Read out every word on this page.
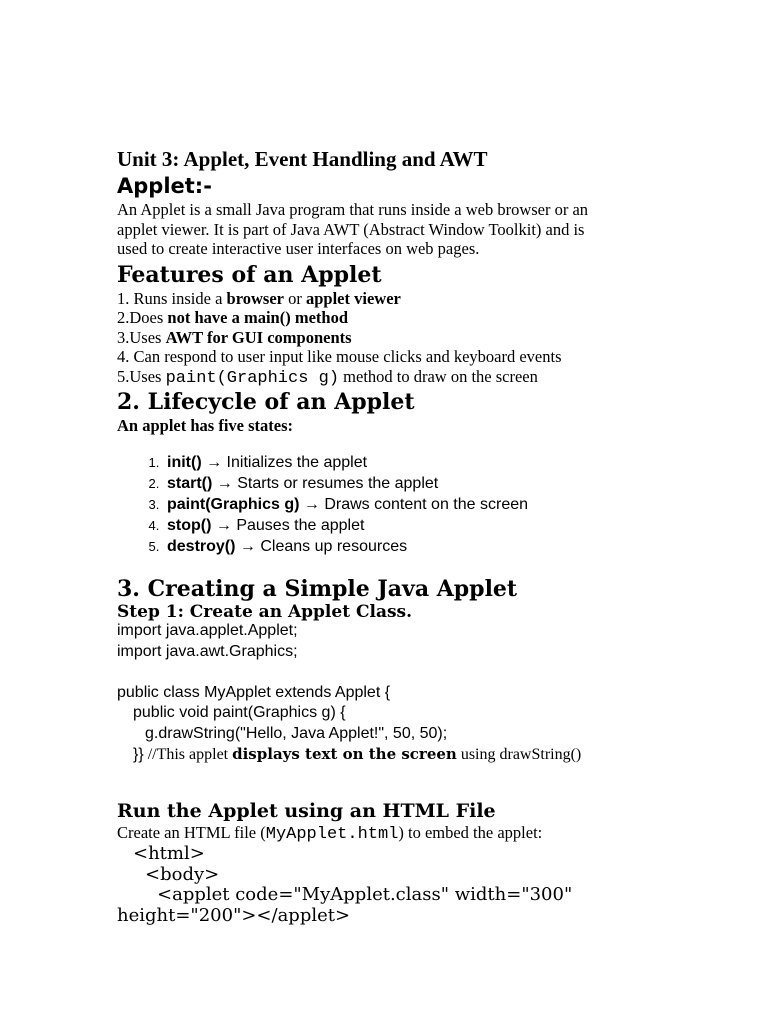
Unit 3: Applet, Event Handling and AWT
Applet:-
An Applet is a small Java program that runs inside a web browser or an
applet viewer. It is part of Java AWT (Abstract Window Toolkit) and is
used to create interactive user interfaces on web pages.
Features of an Applet
1. Runs inside a browser or applet viewer
2.Does not have a main() method
3.Uses AWT for GUI components
4. Can respond to user input like mouse clicks and keyboard events
5.Uses paint(Graphics g) method to draw on the screen
2. Lifecycle of an Applet
An applet has five states:
1. init() → Initializes the applet
2. start() → Starts or resumes the applet
3. paint(Graphics g) → Draws content on the screen
4. stop() → Pauses the applet
5. destroy() → Cleans up resources
3. Creating a Simple Java Applet
Step 1: Create an Applet Class.
import java.applet.Applet;
import java.awt.Graphics;
public class MyApplet extends Applet {
public void paint(Graphics g) {
g.drawString("Hello, Java Applet!", 50, 50);
}} //This applet displays text on the screen using drawString()
Run the Applet using an HTML File
Create an HTML file (MyApplet.html) to embed the applet:
<html>
<body>
<applet code="MyApplet.class" width="300"
height="200"></applet>
